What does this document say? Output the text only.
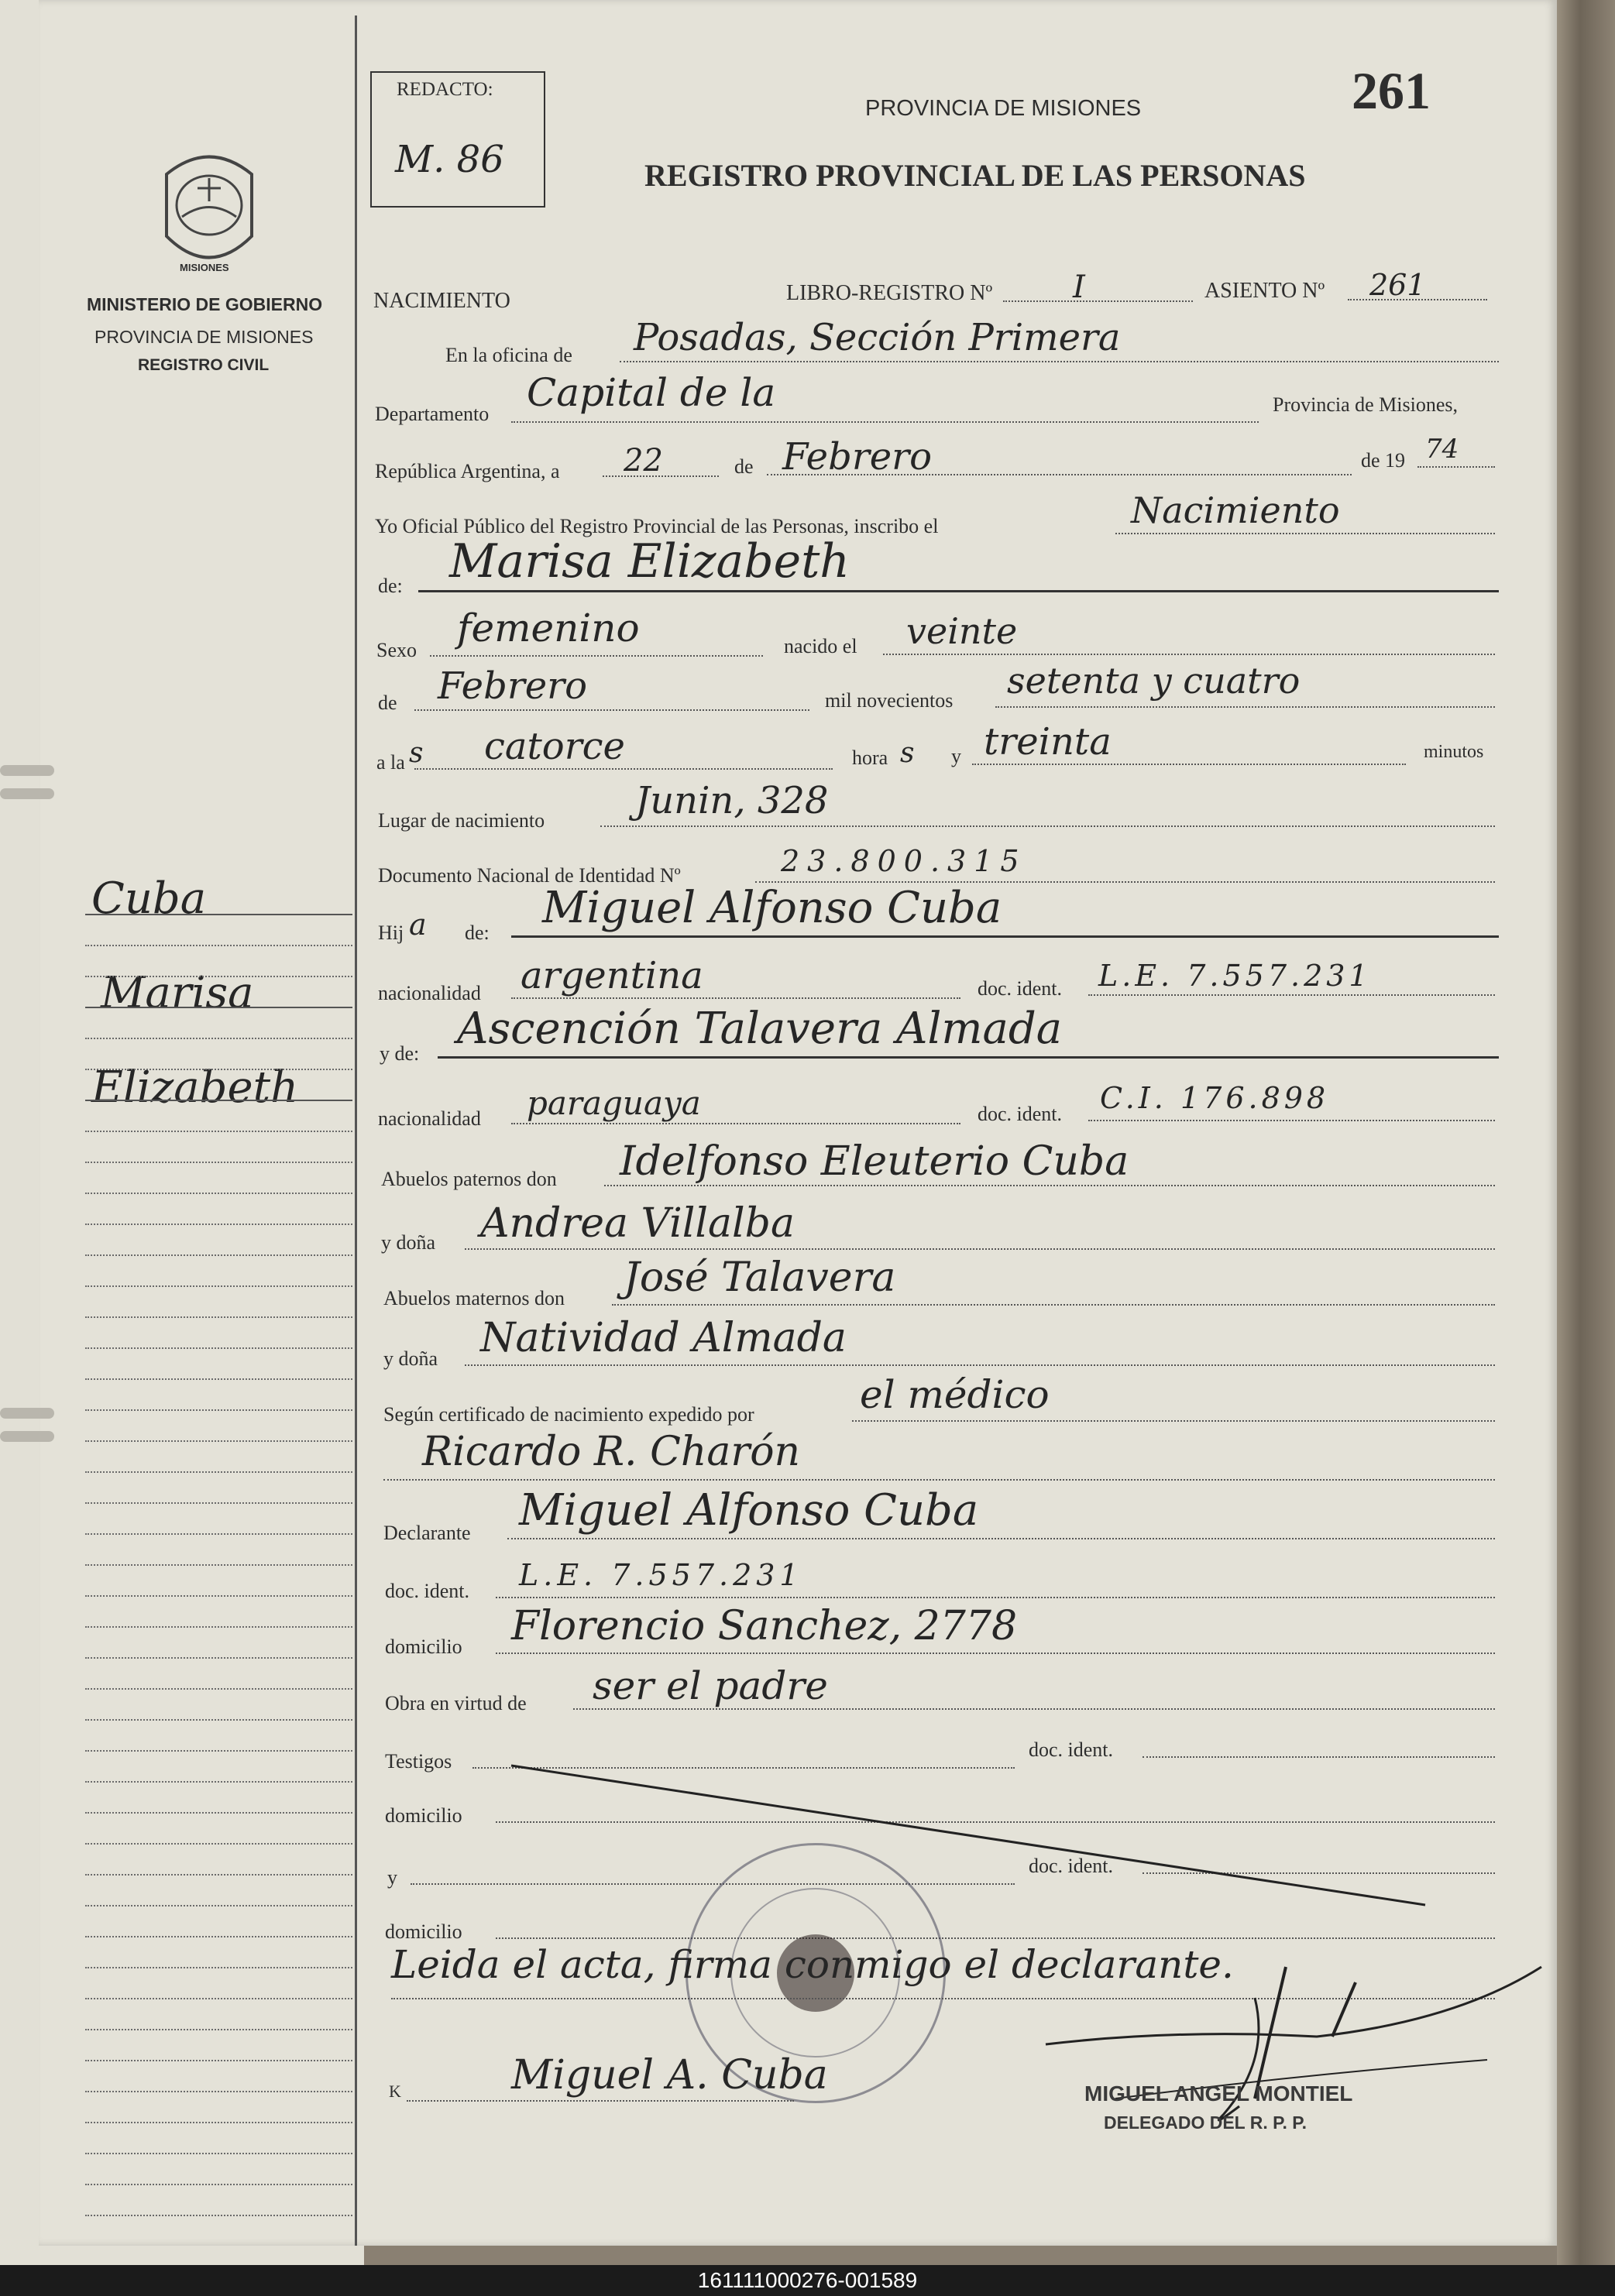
MISIONES
MINISTERIO DE GOBIERNO
PROVINCIA DE MISIONES
REGISTRO CIVIL
Cuba
Marisa
Elizabeth
REDACTO:
M. 86
PROVINCIA DE MISIONES	261
REGISTRO PROVINCIAL DE LAS PERSONAS
NACIMIENTO	LIBRO-REGISTRO Nº	I	ASIENTO Nº 261
En la oficina de Posadas, Sección Primera
Departamento Capital de la	Provincia de Misiones,
República Argentina, a 22	de Febrero	de 19 74
Yo Oficial Público del Registro Provincial de las Personas, inscribo el	Nacimiento
de: Marisa Elizabeth
Sexo femenino	nacido el veinte
de Febrero	mil novecientos setenta y cuatro
a la s catorce	hora s y treinta	minutos
Lugar de nacimiento Junin, 328
Documento Nacional de Identidad Nº	23.800.315
Hij a de: Miguel Alfonso Cuba
nacionalidad argentina	doc. ident. L.E. 7.557.231
y de: Ascención Talavera Almada
nacionalidad paraguaya	doc. ident. C.I. 176.898
Abuelos paternos don Idelfonso Eleuterio Cuba
y doña Andrea Villalba
Abuelos maternos don José Talavera
y doña Natividad Almada
Según certificado de nacimiento expedido por	el médico
Ricardo R. Charón
Declarante Miguel Alfonso Cuba
doc. ident. L.E. 7.557.231
domicilio Florencio Sanchez, 2778
Obra en virtud de ser el padre
Testigos
doc. ident.
domicilio
y
doc. ident.
domicilio
Leida el acta, firma conmigo el declarante.
K	Miguel A. Cuba	MIGUEL ANGEL MONTIEL
DELEGADO DEL R. P. P.
161111000276-001589
